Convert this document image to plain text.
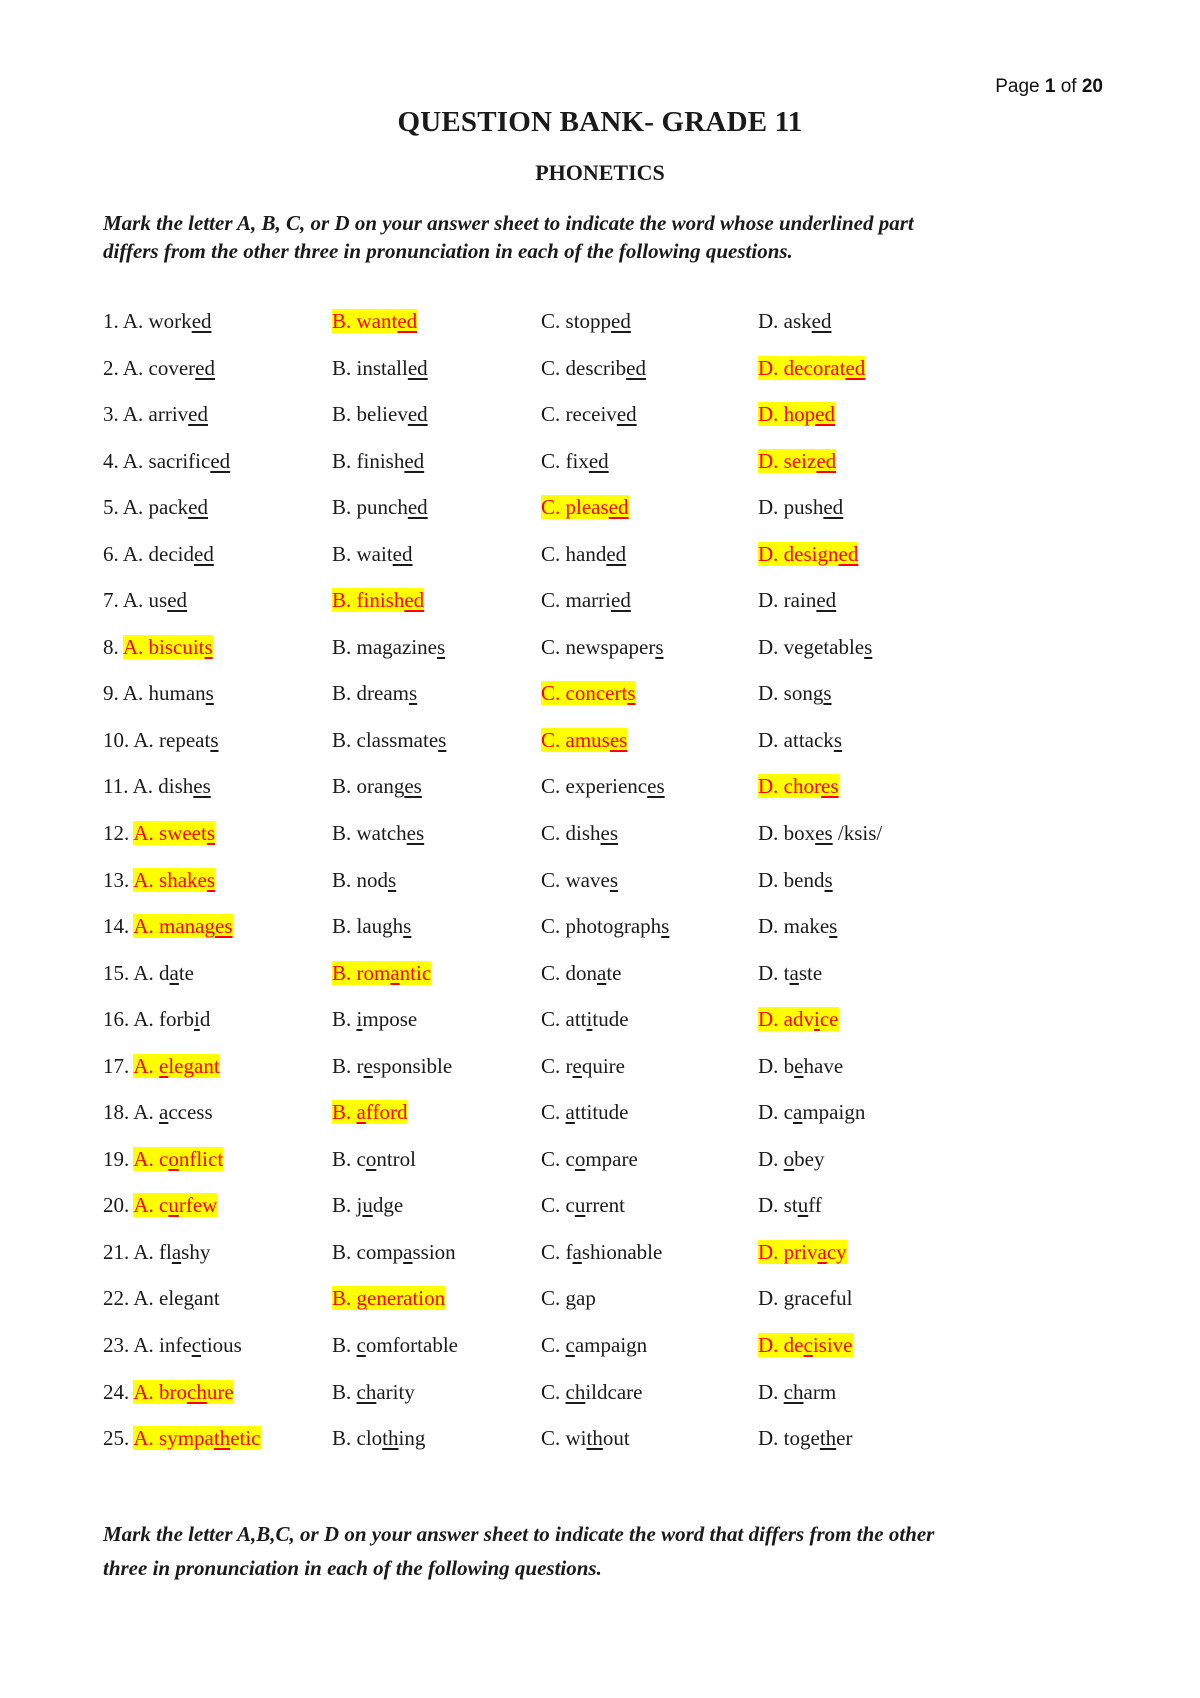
Page 1 of 20
QUESTION BANK- GRADE 11
PHONETICS

Mark the letter A, B, C, or D on your answer sheet to indicate the word whose underlined part

differs from the other three in pronunciation in each of the following questions.

1. A. worked	B. wanted	C. stopped	D. asked
2. A. covered	B. installed	C. described	D. decorated
3. A. arrived	B. believed	C. received	D. hoped
4. A. sacrificed	B. finished	C. fixed	D. seized
5. A. packed	B. punched	C. pleased	D. pushed
6. A. decided	B. waited	C. handed	D. designed
7. A. used	B. finished	C. married	D. rained
8. A. biscuits	B. magazines	C. newspapers	D. vegetables
9. A. humans	B. dreams	C. concerts	D. songs
10. A. repeats	B. classmates	C. amuses	D. attacks
11. A. dishes	B. oranges	C. experiences	D. chores
12. A. sweets	B. watches	C. dishes	D. boxes /ksis/
13. A. shakes	B. nods	C. waves	D. bends
14. A. manages	B. laughs	C. photographs	D. makes
15. A. date	B. romantic	C. donate	D. taste
16. A. forbid	B. impose	C. attitude	D. advice
17. A. elegant	B. responsible	C. require	D. behave
18. A. access	B. afford	C. attitude	D. campaign
19. A. conflict	B. control	C. compare	D. obey
20. A. curfew	B. judge	C. current	D. stuff
21. A. flashy	B. compassion	C. fashionable	D. privacy
22. A. elegant	B. generation	C. gap	D. graceful
23. A. infectious	B. comfortable	C. campaign	D. decisive
24. A. brochure	B. charity	C. childcare	D. charm
25. A. sympathetic	B. clothing	C. without	D. together

Mark the letter A,B,C, or D on your answer sheet to indicate the word that differs from the other

three in pronunciation in each of the following questions.
